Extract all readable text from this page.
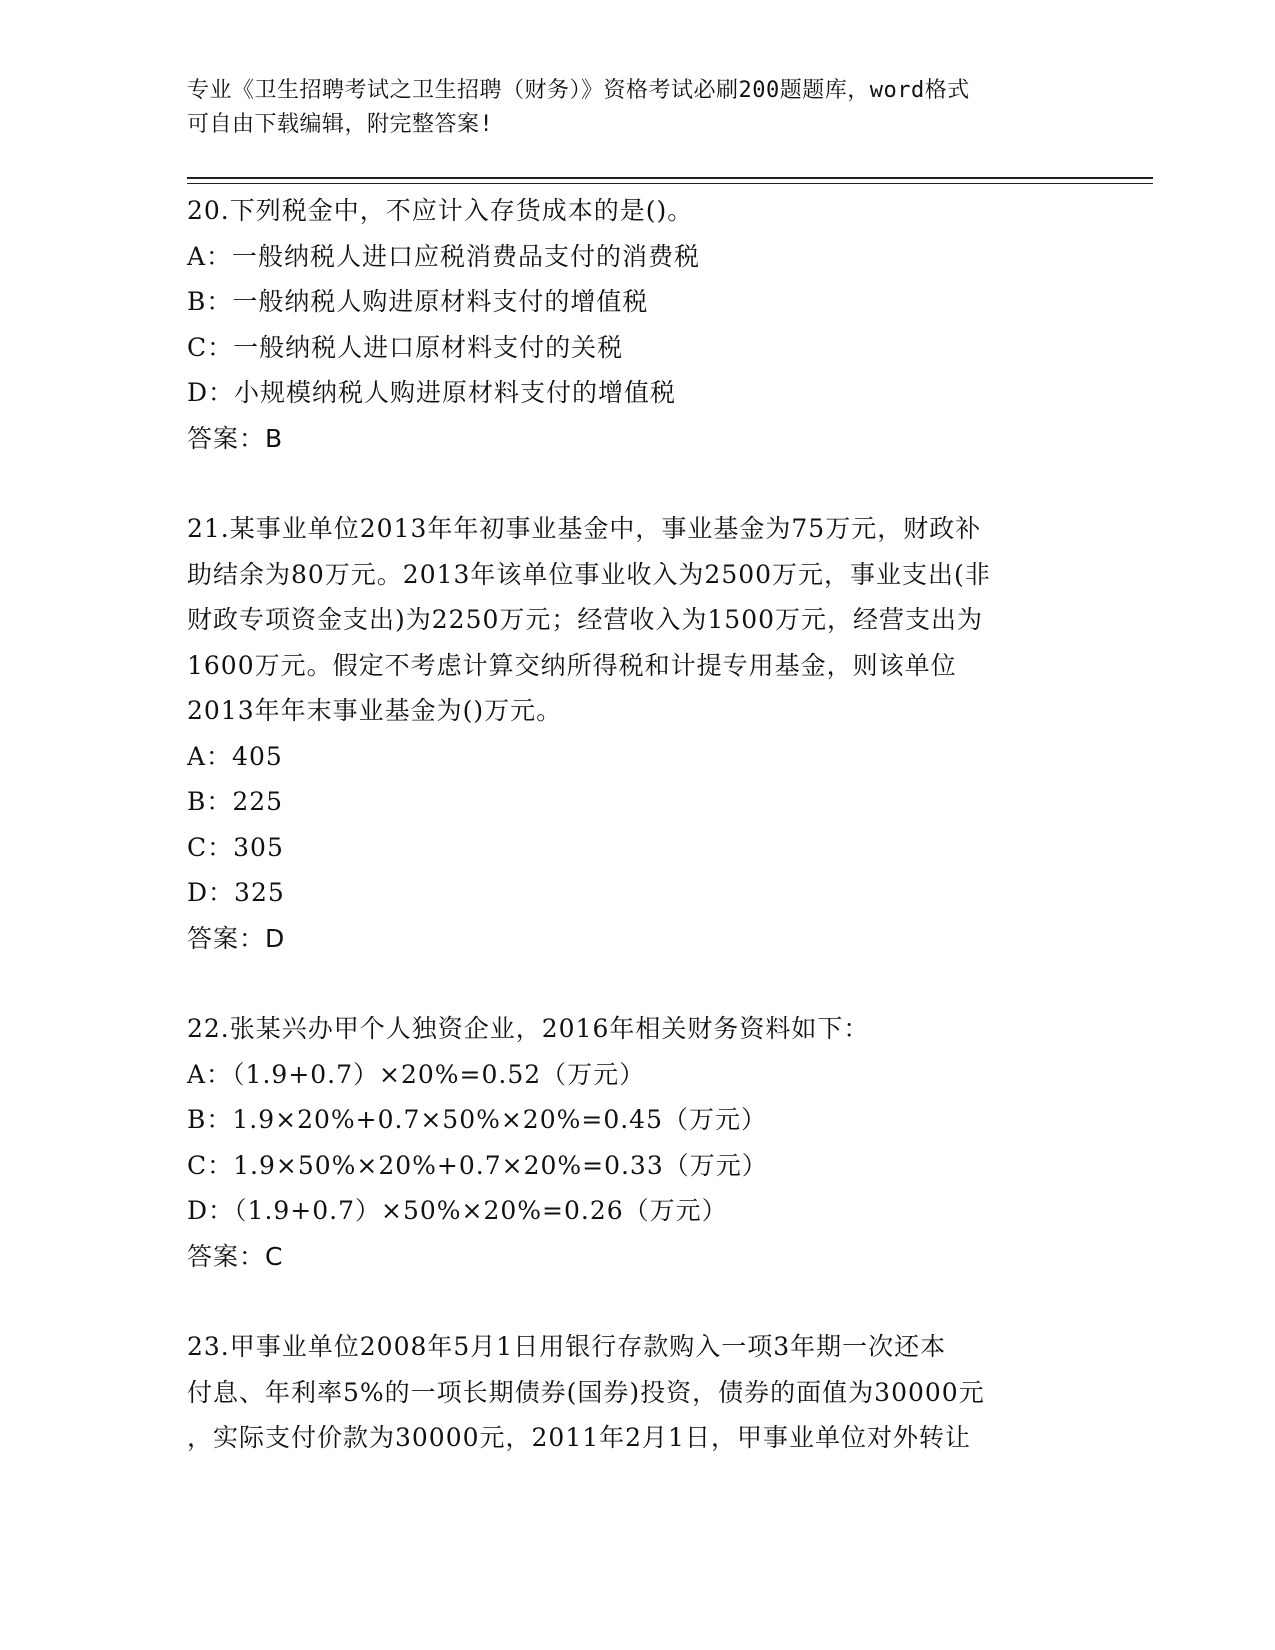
专业《卫生招聘考试之卫生招聘（财务）》资格考试必刷200题题库，word格式
可自由下载编辑，附完整答案!

20.下列税金中，不应计入存货成本的是()。

A：一般纳税人进口应税消费品支付的消费税

B：一般纳税人购进原材料支付的增值税

C：一般纳税人进口原材料支付的关税

D：小规模纳税人购进原材料支付的增值税

答案：B

21.某事业单位2013年年初事业基金中，事业基金为75万元，财政补

助结余为80万元。2013年该单位事业收入为2500万元，事业支出(非

财政专项资金支出)为2250万元；经营收入为1500万元，经营支出为

1600万元。假定不考虑计算交纳所得税和计提专用基金，则该单位

2013年年末事业基金为()万元。

A：405

B：225

C：305

D：325

答案：D

22.张某兴办甲个人独资企业，2016年相关财务资料如下：

A：（1.9+0.7）×20%=0.52（万元）

B：1.9×20%+0.7×50%×20%=0.45（万元）

C：1.9×50%×20%+0.7×20%=0.33（万元）

D：（1.9+0.7）×50%×20%=0.26（万元）

答案：C

23.甲事业单位2008年5月1日用银行存款购入一项3年期一次还本

付息、年利率5%的一项长期债券(国券)投资，债券的面值为30000元

，实际支付价款为30000元，2011年2月1日，甲事业单位对外转让
